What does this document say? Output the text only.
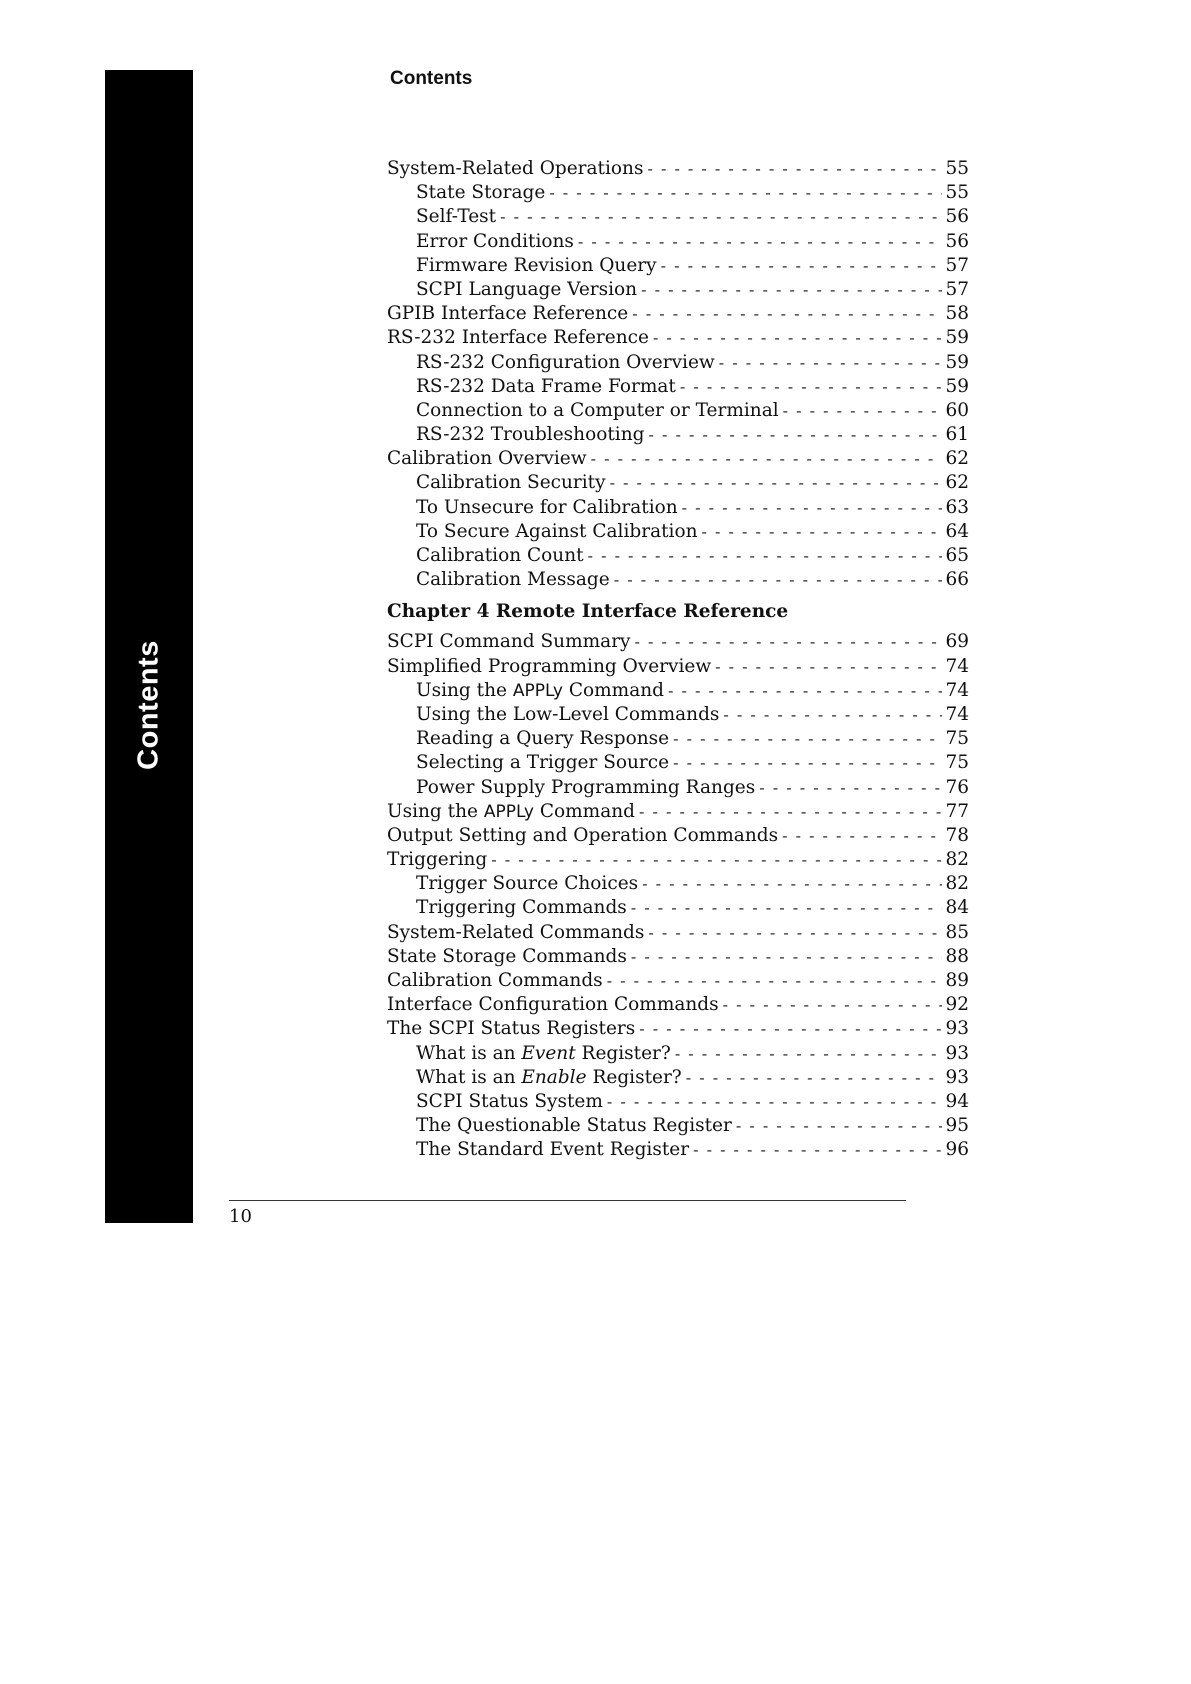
Contents
Contents
System-Related Operations - - -	55
State Storage - - -	55
Self-Test - - -	56
Error Conditions - - -	56
Firmware Revision Query - - -	57
SCPI Language Version - - -	57
GPIB Interface Reference - - -	58
RS-232 Interface Reference - - -	59
RS-232 Configuration Overview - - -	59
RS-232 Data Frame Format - - -	59
Connection to a Computer or Terminal - - -	60
RS-232 Troubleshooting - - -	61
Calibration Overview - - -	62
Calibration Security - - -	62
To Unsecure for Calibration - - -	63
To Secure Against Calibration - - -	64
Calibration Count - - -	65
Calibration Message - - -	66
Chapter 4 Remote Interface Reference
SCPI Command Summary - - -	69
Simplified Programming Overview - - -	74
Using the APPLy Command - - -	74
Using the Low-Level Commands - - -	74
Reading a Query Response - - -	75
Selecting a Trigger Source - - -	75
Power Supply Programming Ranges - - -	76
Using the APPLy Command - - -	77
Output Setting and Operation Commands - - -	78
Triggering - - -	82
Trigger Source Choices - - -	82
Triggering Commands - - -	84
System-Related Commands - - -	85
State Storage Commands - - -	88
Calibration Commands - - -	89
Interface Configuration Commands - - -	92
The SCPI Status Registers - - -	93
What is an Event Register? - - -	93
What is an Enable Register? - - -	93
SCPI Status System - - -	94
The Questionable Status Register - - -	95
The Standard Event Register - - -	96
10
